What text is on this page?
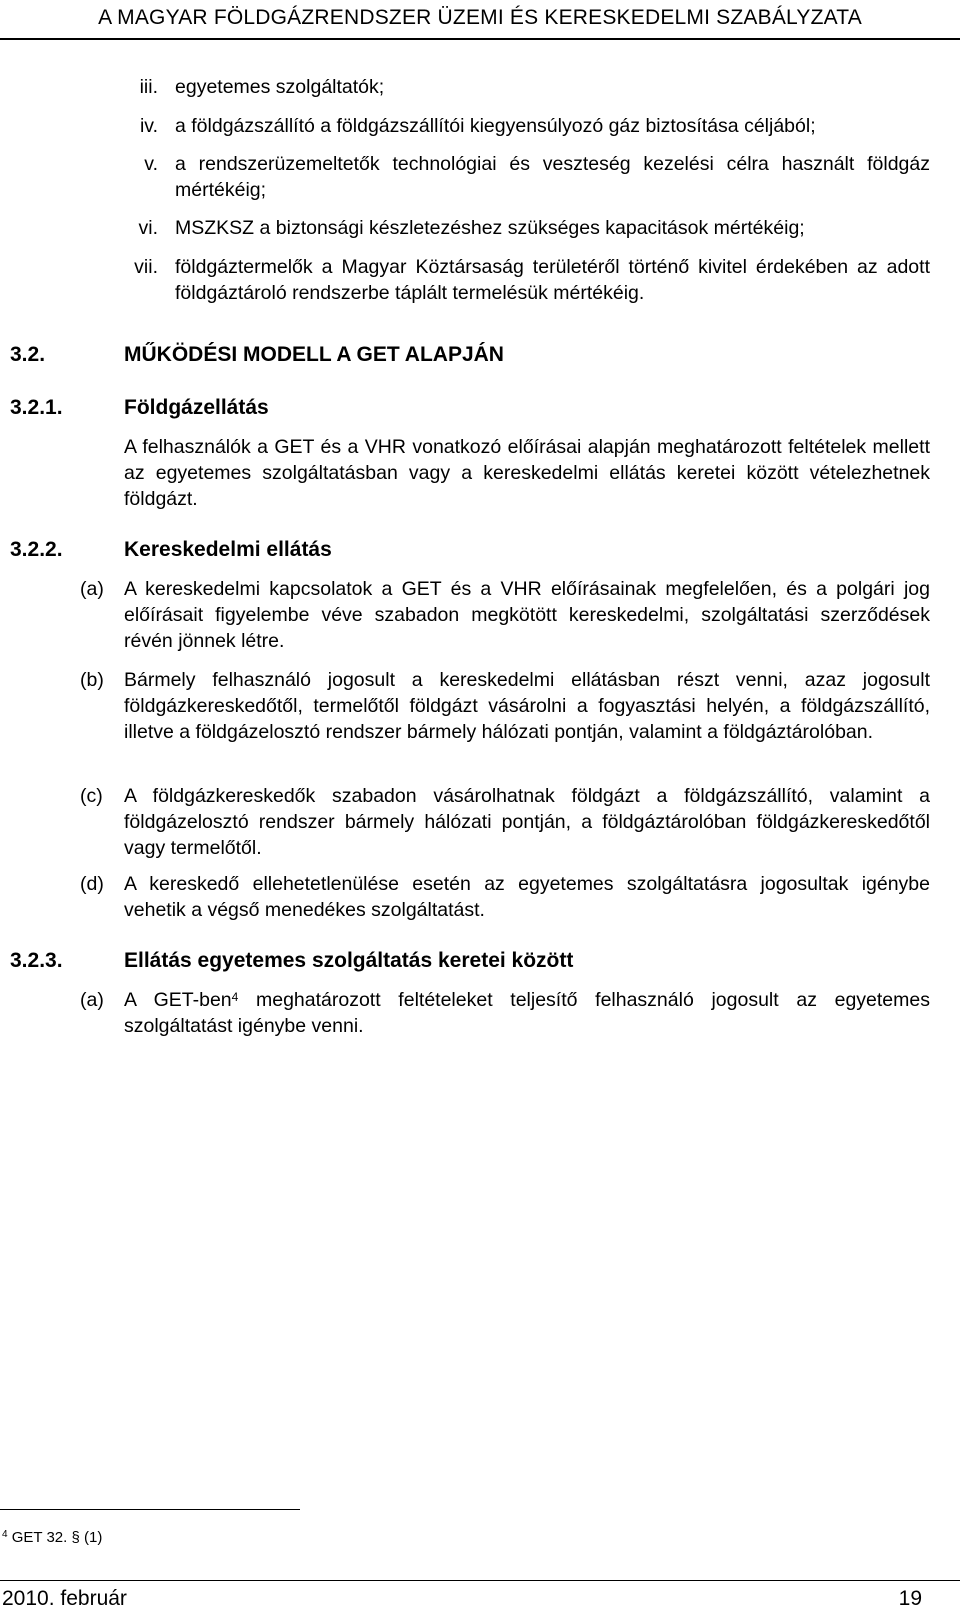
A MAGYAR FÖLDGÁZRENDSZER ÜZEMI ÉS KERESKEDELMI SZABÁLYZATA
iii. egyetemes szolgáltatók;
iv. a földgázszállító a földgázszállítói kiegyensúlyozó gáz biztosítása céljából;
v. a rendszerüzemeltetők technológiai és veszteség kezelési célra használt földgáz mértékéig;
vi. MSZKSZ a biztonsági készletezéshez szükséges kapacitások mértékéig;
vii. földgáztermelők a Magyar Köztársaság területéről történő kivitel érdekében az adott földgáztároló rendszerbe táplált termelésük mértékéig.
3.2.	MŰKÖDÉSI MODELL A GET ALAPJÁN
3.2.1.	Földgázellátás
A felhasználók a GET és a VHR vonatkozó előírásai alapján meghatározott feltételek mellett az egyetemes szolgáltatásban vagy a kereskedelmi ellátás keretei között vételezhetnek földgázt.
3.2.2.	Kereskedelmi ellátás
(a) A kereskedelmi kapcsolatok a GET és a VHR előírásainak megfelelően, és a polgári jog előírásait figyelembe véve szabadon megkötött kereskedelmi, szolgáltatási szerződések révén jönnek létre.
(b) Bármely felhasználó jogosult a kereskedelmi ellátásban részt venni, azaz jogosult földgázkereskedőtől, termelőtől földgázt vásárolni a fogyasztási helyén, a földgázszállító, illetve a földgázelosztó rendszer bármely hálózati pontján, valamint a földgáztárolóban.
(c) A földgázkereskedők szabadon vásárolhatnak földgázt a földgázszállító, valamint a földgázelosztó rendszer bármely hálózati pontján, a földgáztárolóban földgázkereskedőtől vagy termelőtől.
(d) A kereskedő ellehetetlenülése esetén az egyetemes szolgáltatásra jogosultak igénybe vehetik a végső menedékes szolgáltatást.
3.2.3.	Ellátás egyetemes szolgáltatás keretei között
(a) A GET-ben$^4$ meghatározott feltételeket teljesítő felhasználó jogosult az egyetemes szolgáltatást igénybe venni.
$^4$ GET 32. § (1)
2010. február	19
